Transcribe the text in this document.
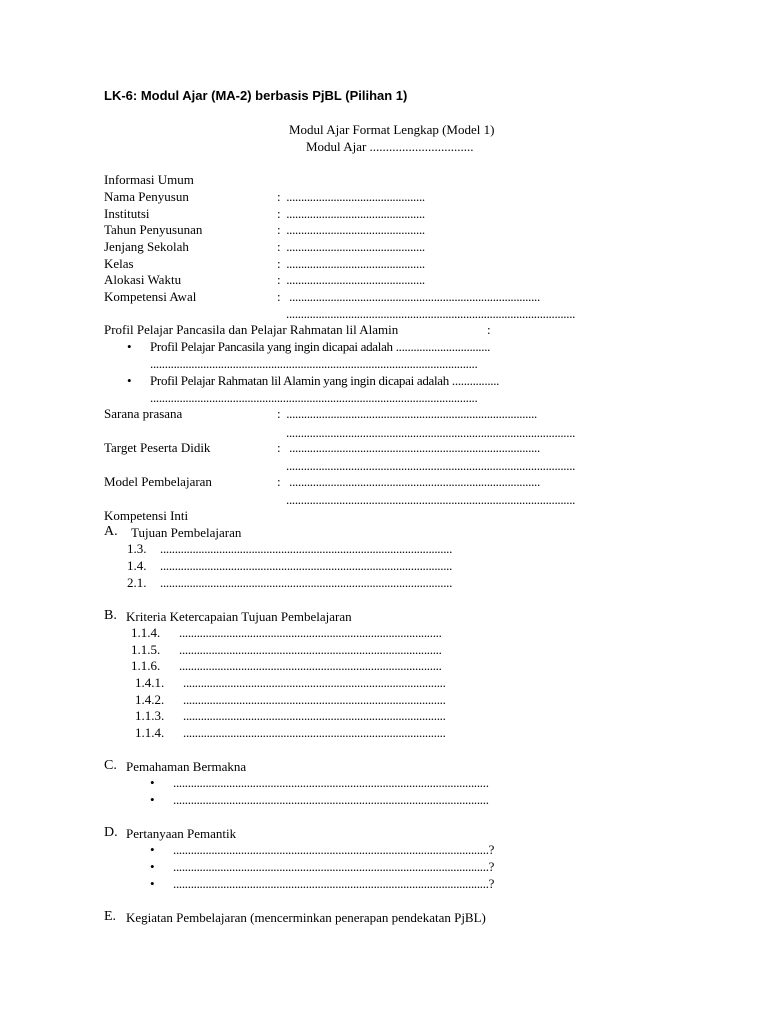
LK-6: Modul Ajar (MA-2) berbasis PjBL (Pilihan 1)
Modul Ajar Format Lengkap (Model 1)
Modul Ajar ................................
Informasi Umum
Nama Penyusun	:  ...............................................
Institutsi	:  ...............................................
Tahun Penyusunan	:  ...............................................
Jenjang Sekolah	:  ...............................................
Kelas	:  ...............................................
Alokasi Waktu	:  ...............................................
Kompetensi Awal	:   .....................................................................................
..................................................................................................
Profil Pelajar Pancasila dan Pelajar Rahmatan lil Alamin	:
• Profil Pelajar Pancasila yang ingin dicapai adalah ................................
...............................................................................................................
• Profil Pelajar Rahmatan lil Alamin yang ingin dicapai adalah ................
...............................................................................................................
Sarana prasana	:  .....................................................................................
..................................................................................................
Target Peserta Didik	:   .....................................................................................
..................................................................................................
Model Pembelajaran	:   .....................................................................................
..................................................................................................
Kompetensi Inti
A. Tujuan Pembelajaran
1.3. ...................................................................................................
1.4. ...................................................................................................
2.1. ...................................................................................................
B. Kriteria Ketercapaian Tujuan Pembelajaran
1.1.4. .........................................................................................
1.1.5. .........................................................................................
1.1.6. .........................................................................................
1.4.1. .........................................................................................
1.4.2. .........................................................................................
1.1.3. .........................................................................................
1.1.4. .........................................................................................
C. Pemahaman Bermakna
• ...........................................................................................................
• ...........................................................................................................
D. Pertanyaan Pemantik
• ...........................................................................................................?
• ...........................................................................................................?
• ...........................................................................................................?
E. Kegiatan Pembelajaran (mencerminkan penerapan pendekatan PjBL)
